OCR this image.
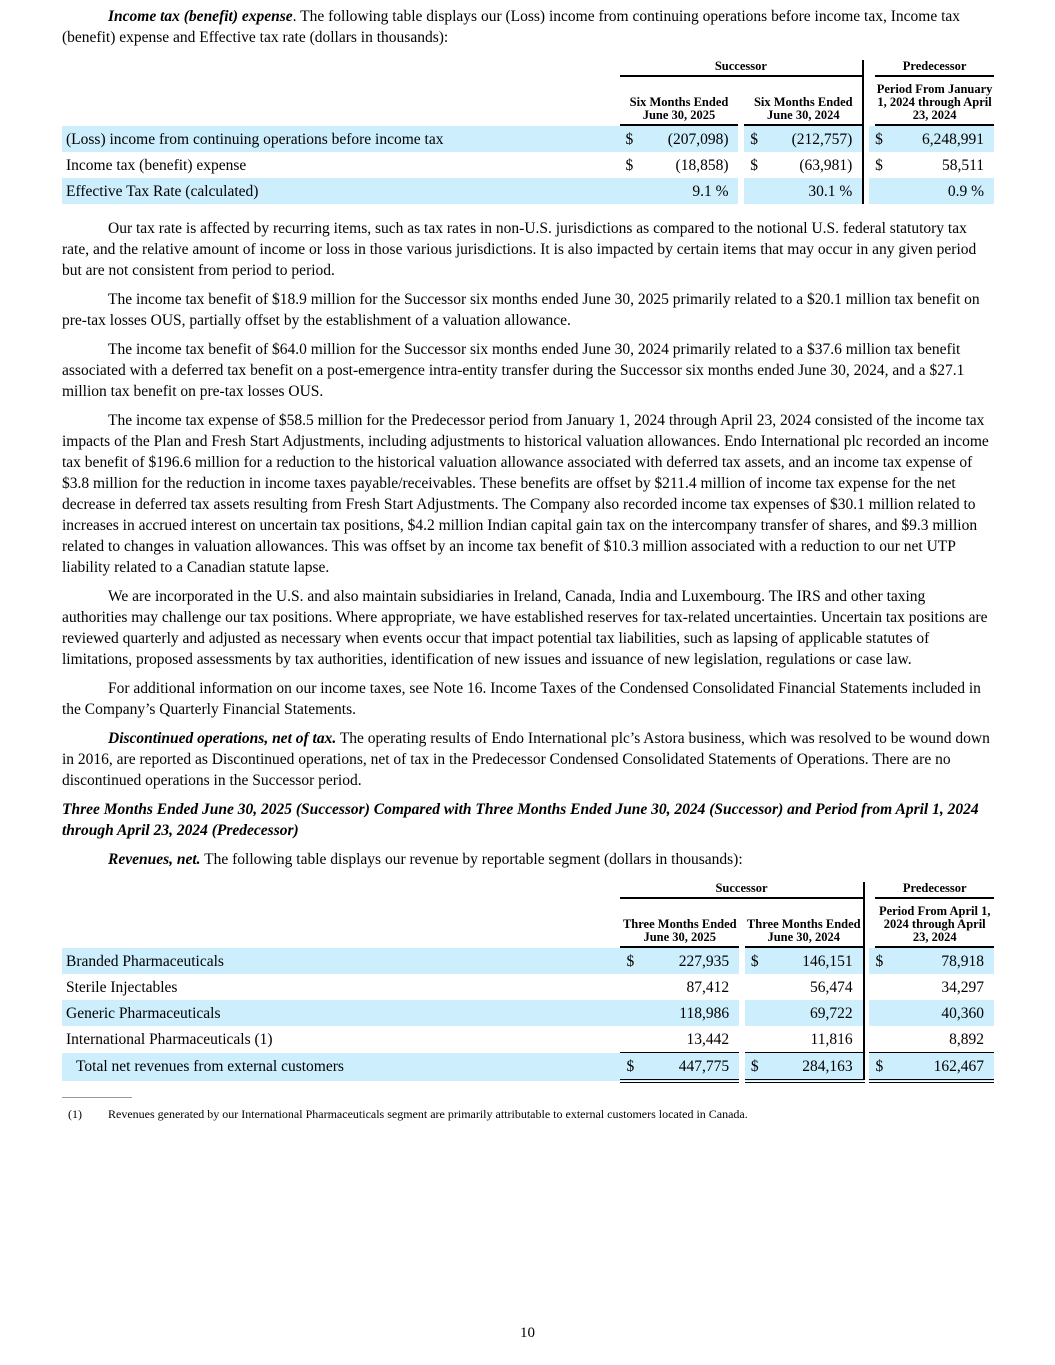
Income tax (benefit) expense. The following table displays our (Loss) income from continuing operations before income tax, Income tax (benefit) expense and Effective tax rate (dollars in thousands):

	Successor						Predecessor	

	Six Months Ended June 30, 2025			Six Months Ended June 30, 2024			Period From January 1, 2024 through April 23, 2024	

(Loss) income from continuing operations before income tax	$	(207,098)		$	(212,757)		$	6,248,991
Income tax (benefit) expense	$	(18,858)		$	(63,981)		$	58,511
Effective Tax Rate (calculated)		9.1 %			30.1 %			0.9 %

Our tax rate is affected by recurring items, such as tax rates in non-U.S. jurisdictions as compared to the notional U.S. federal statutory tax rate, and the relative amount of income or loss in those various jurisdictions. It is also impacted by certain items that may occur in any given period but are not consistent from period to period.

The income tax benefit of $18.9 million for the Successor six months ended June 30, 2025 primarily related to a $20.1 million tax benefit on pre-tax losses OUS, partially offset by the establishment of a valuation allowance.

The income tax benefit of $64.0 million for the Successor six months ended June 30, 2024 primarily related to a $37.6 million tax benefit associated with a deferred tax benefit on a post-emergence intra-entity transfer during the Successor six months ended June 30, 2024, and a $27.1 million tax benefit on pre-tax losses OUS.

The income tax expense of $58.5 million for the Predecessor period from January 1, 2024 through April 23, 2024 consisted of the income tax impacts of the Plan and Fresh Start Adjustments, including adjustments to historical valuation allowances. Endo International plc recorded an income tax benefit of $196.6 million for a reduction to the historical valuation allowance associated with deferred tax assets, and an income tax expense of $3.8 million for the reduction in income taxes payable/receivables. These benefits are offset by $211.4 million of income tax expense for the net decrease in deferred tax assets resulting from Fresh Start Adjustments. The Company also recorded income tax expenses of $30.1 million related to increases in accrued interest on uncertain tax positions, $4.2 million Indian capital gain tax on the intercompany transfer of shares, and $9.3 million related to changes in valuation allowances. This was offset by an income tax benefit of $10.3 million associated with a reduction to our net UTP liability related to a Canadian statute lapse.

We are incorporated in the U.S. and also maintain subsidiaries in Ireland, Canada, India and Luxembourg. The IRS and other taxing authorities may challenge our tax positions. Where appropriate, we have established reserves for tax-related uncertainties. Uncertain tax positions are reviewed quarterly and adjusted as necessary when events occur that impact potential tax liabilities, such as lapsing of applicable statutes of limitations, proposed assessments by tax authorities, identification of new issues and issuance of new legislation, regulations or case law.

For additional information on our income taxes, see Note 16. Income Taxes of the Condensed Consolidated Financial Statements included in the Company’s Quarterly Financial Statements.

Discontinued operations, net of tax. The operating results of Endo International plc’s Astora business, which was resolved to be wound down in 2016, are reported as Discontinued operations, net of tax in the Predecessor Condensed Consolidated Statements of Operations. There are no discontinued operations in the Successor period.

Three Months Ended June 30, 2025 (Successor) Compared with Three Months Ended June 30, 2024 (Successor) and Period from April 1, 2024 through April 23, 2024 (Predecessor)

Revenues, net. The following table displays our revenue by reportable segment (dollars in thousands):

	Successor						Predecessor	

	Three Months Ended June 30, 2025			Three Months Ended June 30, 2024			Period From April 1, 2024 through April 23, 2024	

Branded Pharmaceuticals	$	227,935		$	146,151		$	78,918
Sterile Injectables		87,412			56,474			34,297
Generic Pharmaceuticals		118,986			69,722			40,360
International Pharmaceuticals (1)		13,442			11,816			8,892
Total net revenues from external customers	$	447,775		$	284,163		$	162,467
(1) Revenues generated by our International Pharmaceuticals segment are primarily attributable to external customers located in Canada.
10
